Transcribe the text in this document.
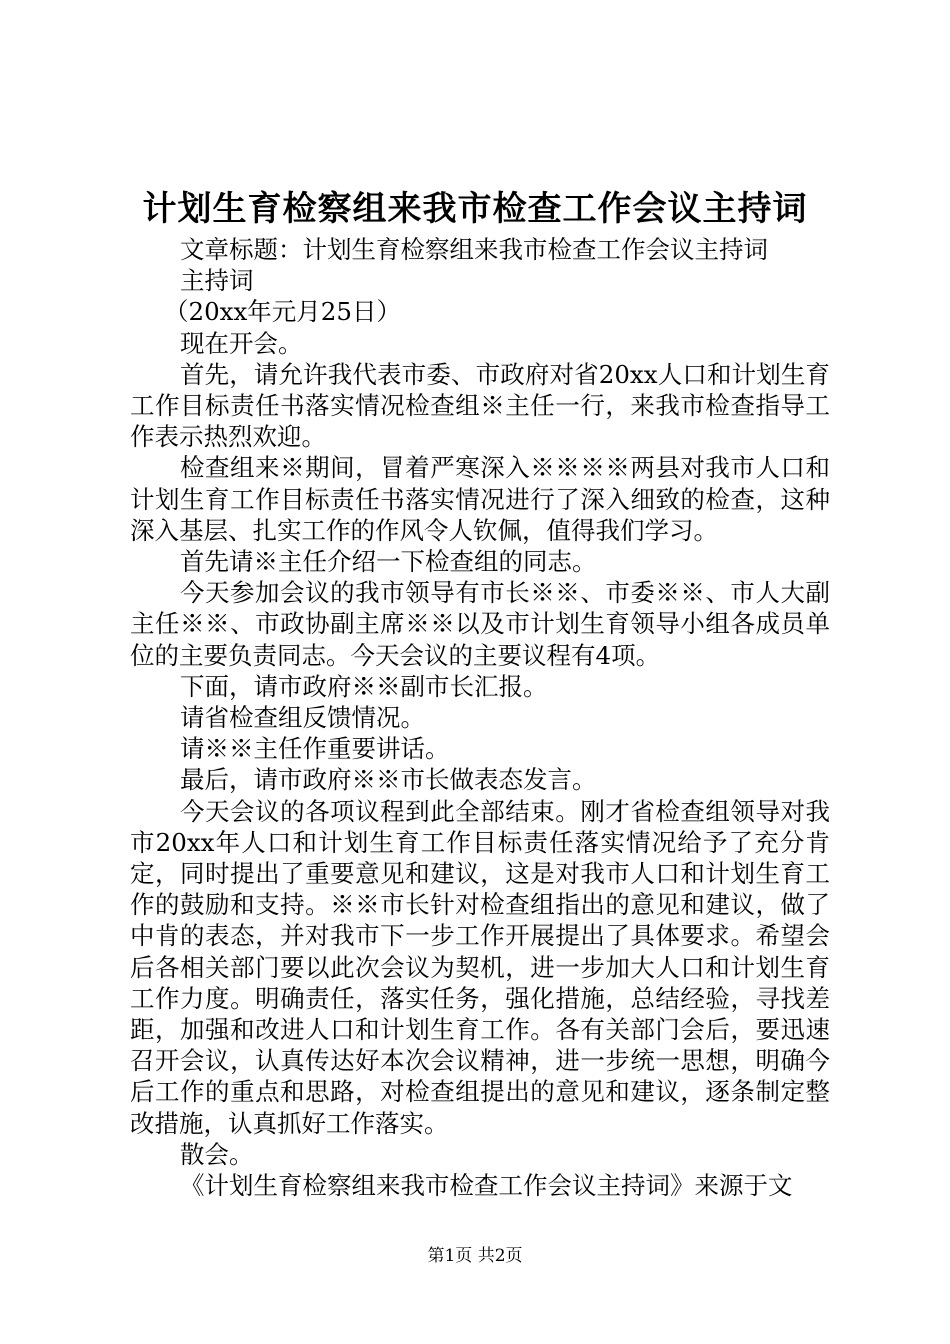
计划生育检察组来我市检查工作会议主持词

文章标题：计划生育检察组来我市检查工作会议主持词

主持词

（20xx年元月25日）

现在开会。

首先，请允许我代表市委、市政府对省20xx人口和计划生育工作目标责任书落实情况检查组※主任一行，来我市检查指导工作表示热烈欢迎。

检查组来※期间，冒着严寒深入※※※※两县对我市人口和计划生育工作目标责任书落实情况进行了深入细致的检查，这种深入基层、扎实工作的作风令人钦佩，值得我们学习。

首先请※主任介绍一下检查组的同志。

今天参加会议的我市领导有市长※※、市委※※、市人大副主任※※、市政协副主席※※以及市计划生育领导小组各成员单位的主要负责同志。今天会议的主要议程有4项。

下面，请市政府※※副市长汇报。

请省检查组反馈情况。

请※※主任作重要讲话。

最后，请市政府※※市长做表态发言。

今天会议的各项议程到此全部结束。刚才省检查组领导对我市20xx年人口和计划生育工作目标责任落实情况给予了充分肯定，同时提出了重要意见和建议，这是对我市人口和计划生育工作的鼓励和支持。※※市长针对检查组指出的意见和建议，做了中肯的表态，并对我市下一步工作开展提出了具体要求。希望会后各相关部门要以此次会议为契机，进一步加大人口和计划生育工作力度。明确责任，落实任务，强化措施，总结经验，寻找差距，加强和改进人口和计划生育工作。各有关部门会后，要迅速召开会议，认真传达好本次会议精神，进一步统一思想，明确今后工作的重点和思路，对检查组提出的意见和建议，逐条制定整改措施，认真抓好工作落实。

散会。

《计划生育检察组来我市检查工作会议主持词》来源于文

第1页 共2页
